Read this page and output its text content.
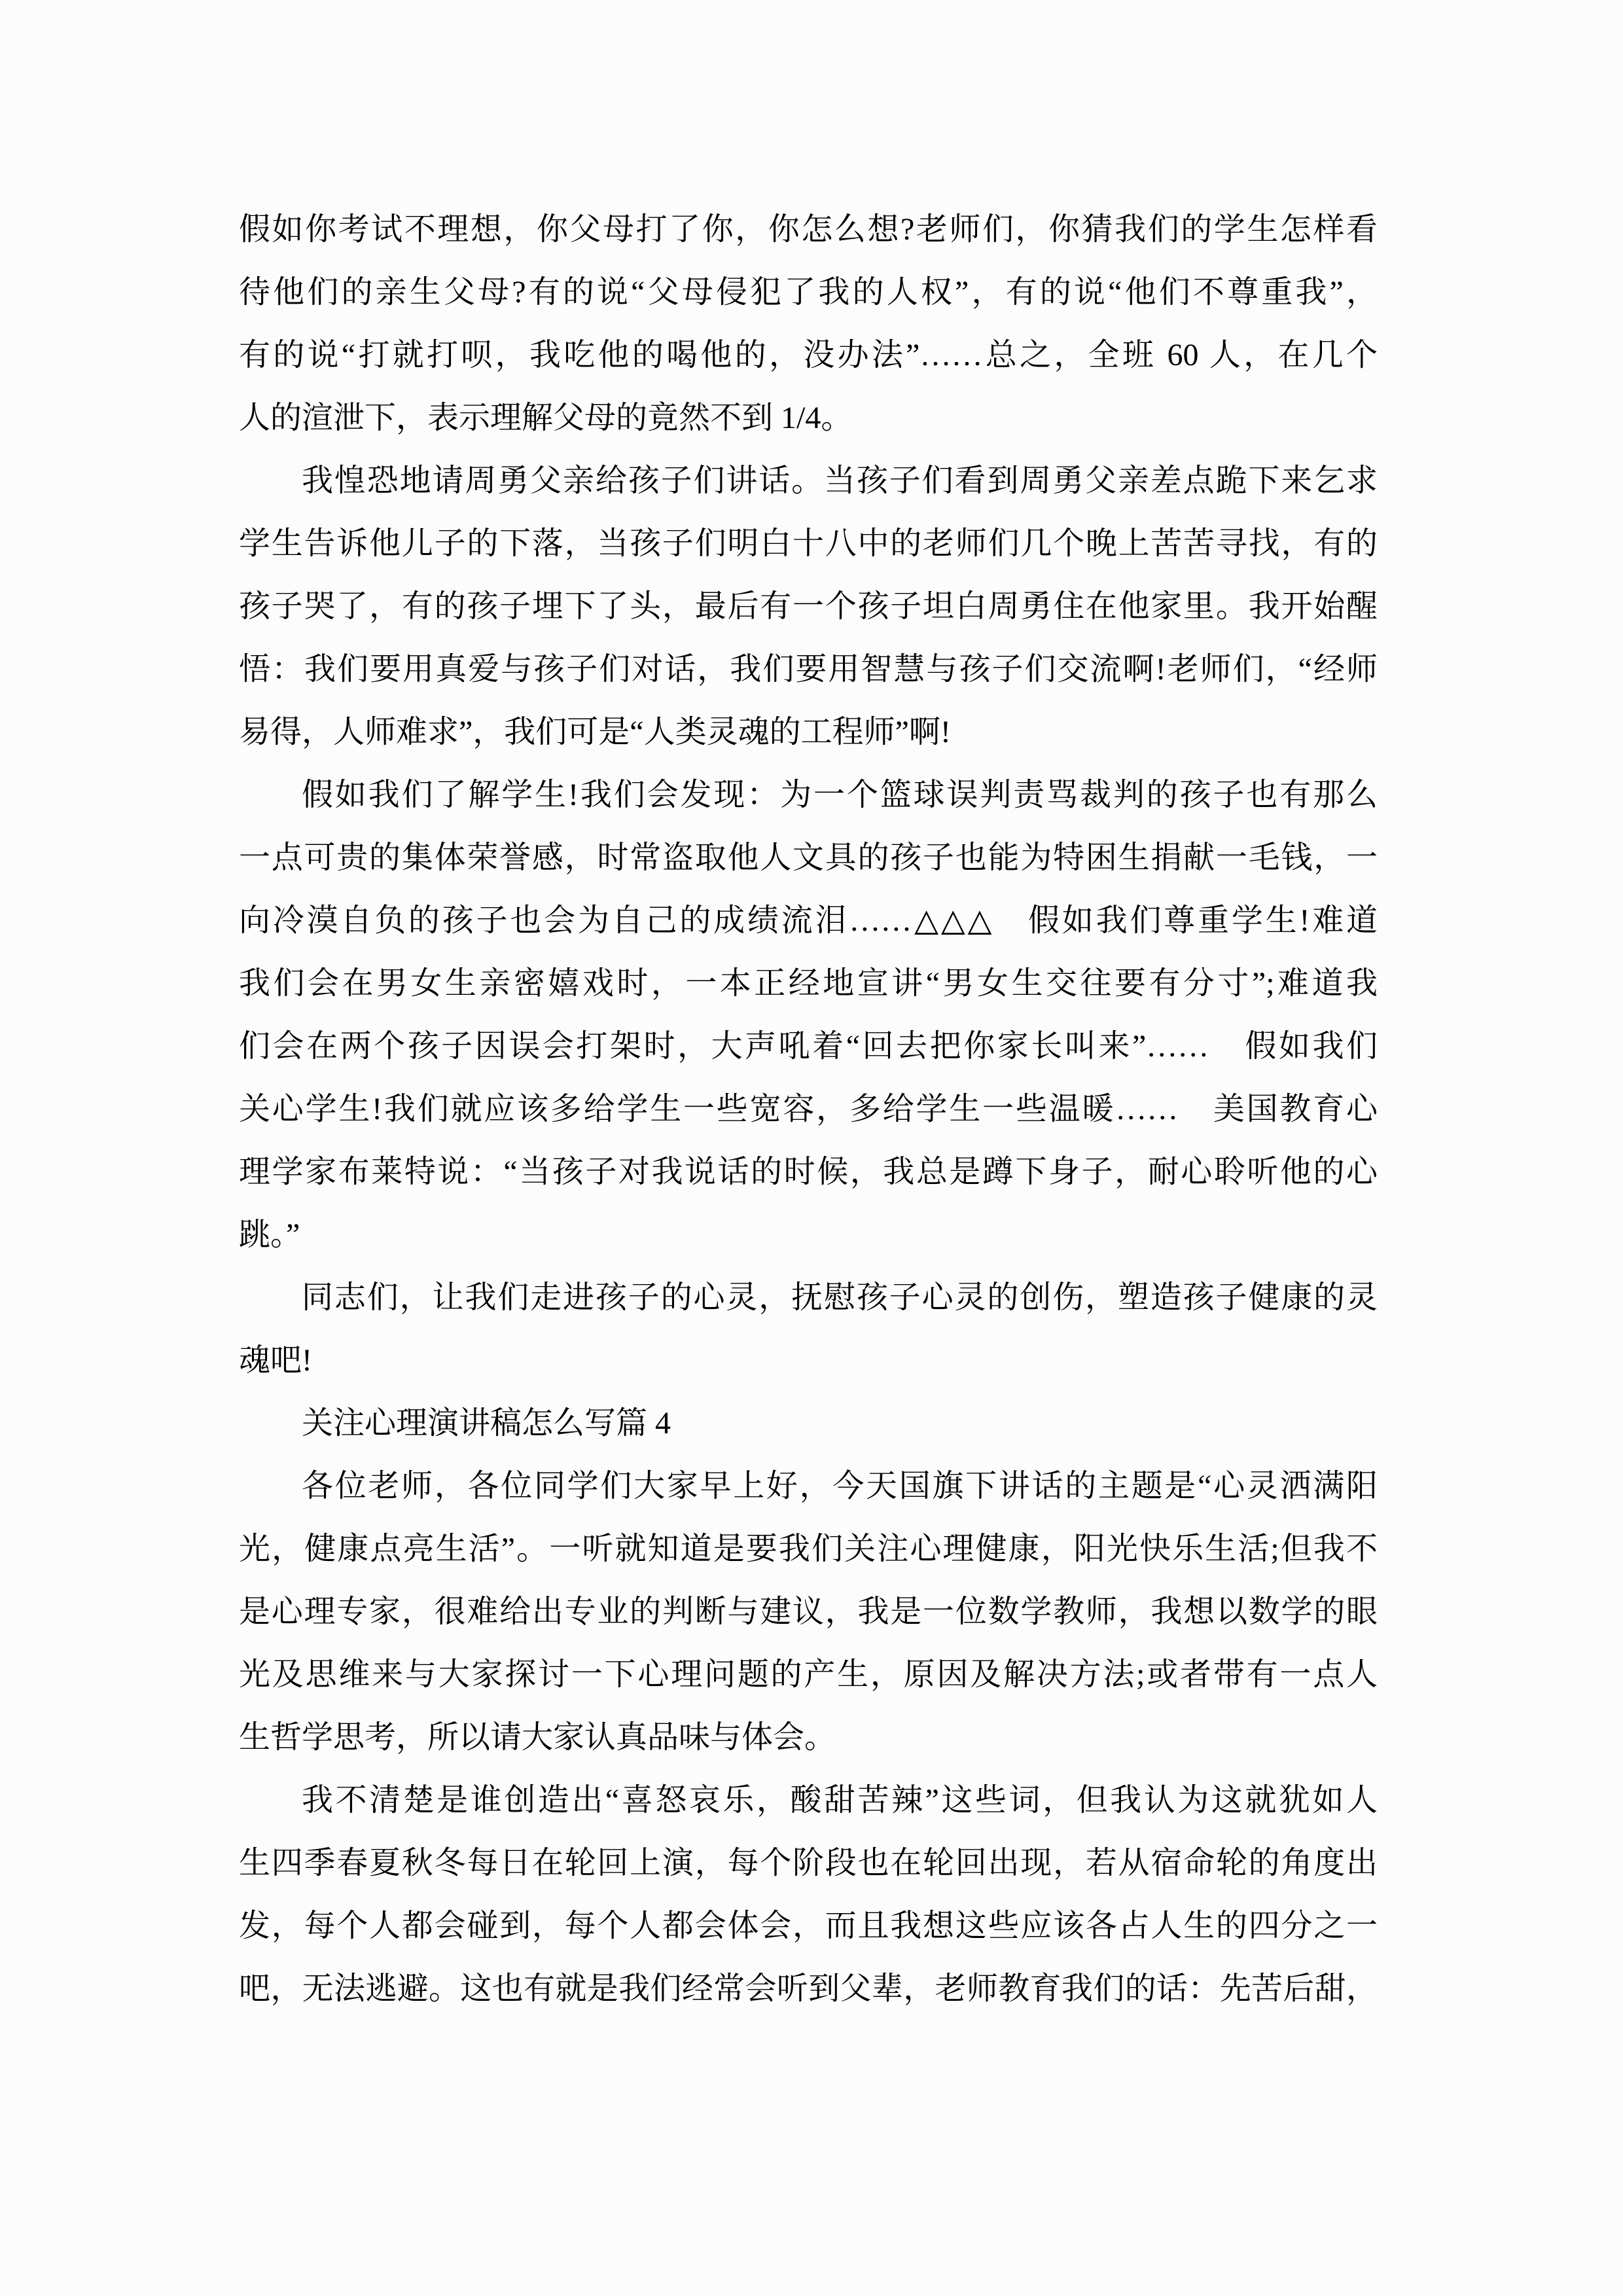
假如你考试不理想，你父母打了你，你怎么想?老师们，你猜我们的学生怎样看
待他们的亲生父母?有的说“父母侵犯了我的人权”，有的说“他们不尊重我”，
有的说“打就打呗，我吃他的喝他的，没办法”……总之，全班 60 人，在几个
人的渲泄下，表示理解父母的竟然不到 1/4。
我惶恐地请周勇父亲给孩子们讲话。当孩子们看到周勇父亲差点跪下来乞求
学生告诉他儿子的下落，当孩子们明白十八中的老师们几个晚上苦苦寻找，有的
孩子哭了，有的孩子埋下了头，最后有一个孩子坦白周勇住在他家里。我开始醒
悟：我们要用真爱与孩子们对话，我们要用智慧与孩子们交流啊!老师们，“经师
易得，人师难求”，我们可是“人类灵魂的工程师”啊!
假如我们了解学生!我们会发现：为一个篮球误判责骂裁判的孩子也有那么
一点可贵的集体荣誉感，时常盗取他人文具的孩子也能为特困生捐献一毛钱，一
向冷漠自负的孩子也会为自己的成绩流泪……△△△　假如我们尊重学生!难道
我们会在男女生亲密嬉戏时，一本正经地宣讲“男女生交往要有分寸”;难道我
们会在两个孩子因误会打架时，大声吼着“回去把你家长叫来”……　假如我们
关心学生!我们就应该多给学生一些宽容，多给学生一些温暖……　美国教育心
理学家布莱特说：“当孩子对我说话的时候，我总是蹲下身子，耐心聆听他的心
跳。”
同志们，让我们走进孩子的心灵，抚慰孩子心灵的创伤，塑造孩子健康的灵
魂吧!
关注心理演讲稿怎么写篇 4
各位老师，各位同学们大家早上好，今天国旗下讲话的主题是“心灵洒满阳
光，健康点亮生活”。一听就知道是要我们关注心理健康，阳光快乐生活;但我不
是心理专家，很难给出专业的判断与建议，我是一位数学教师，我想以数学的眼
光及思维来与大家探讨一下心理问题的产生，原因及解决方法;或者带有一点人
生哲学思考，所以请大家认真品味与体会。
我不清楚是谁创造出“喜怒哀乐，酸甜苦辣”这些词，但我认为这就犹如人
生四季春夏秋冬每日在轮回上演，每个阶段也在轮回出现，若从宿命轮的角度出
发，每个人都会碰到，每个人都会体会，而且我想这些应该各占人生的四分之一
吧，无法逃避。这也有就是我们经常会听到父辈，老师教育我们的话：先苦后甜，
